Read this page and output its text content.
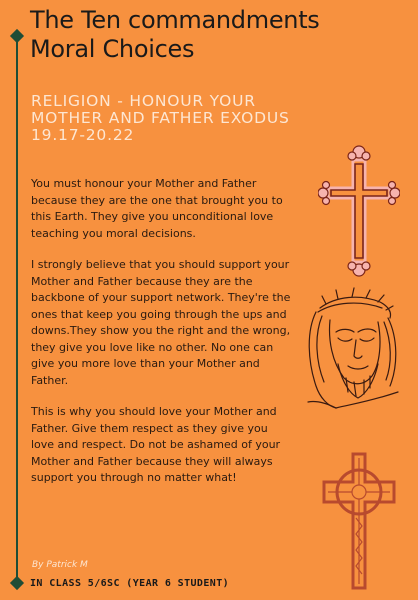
The Ten commandments
Moral Choices
RELIGION - HONOUR YOUR
MOTHER AND FATHER EXODUS
19.17-20.22

You must honour your Mother and Father because they are the one that brought you to this Earth. They give you unconditional love teaching you moral decisions.

I strongly believe that you should support your Mother and Father because they are the backbone of your support network. They're the ones that keep you going through the ups and downs.They show you the right and the wrong, they give you love like no other. No one can give you more love than your Mother and Father.

This is why you should love your Mother and Father. Give them respect as they give you love and respect. Do not be ashamed of your Mother and Father because they will always support you through no matter what!

By Patrick M
IN CLASS 5/6SC (YEAR 6 STUDENT)
